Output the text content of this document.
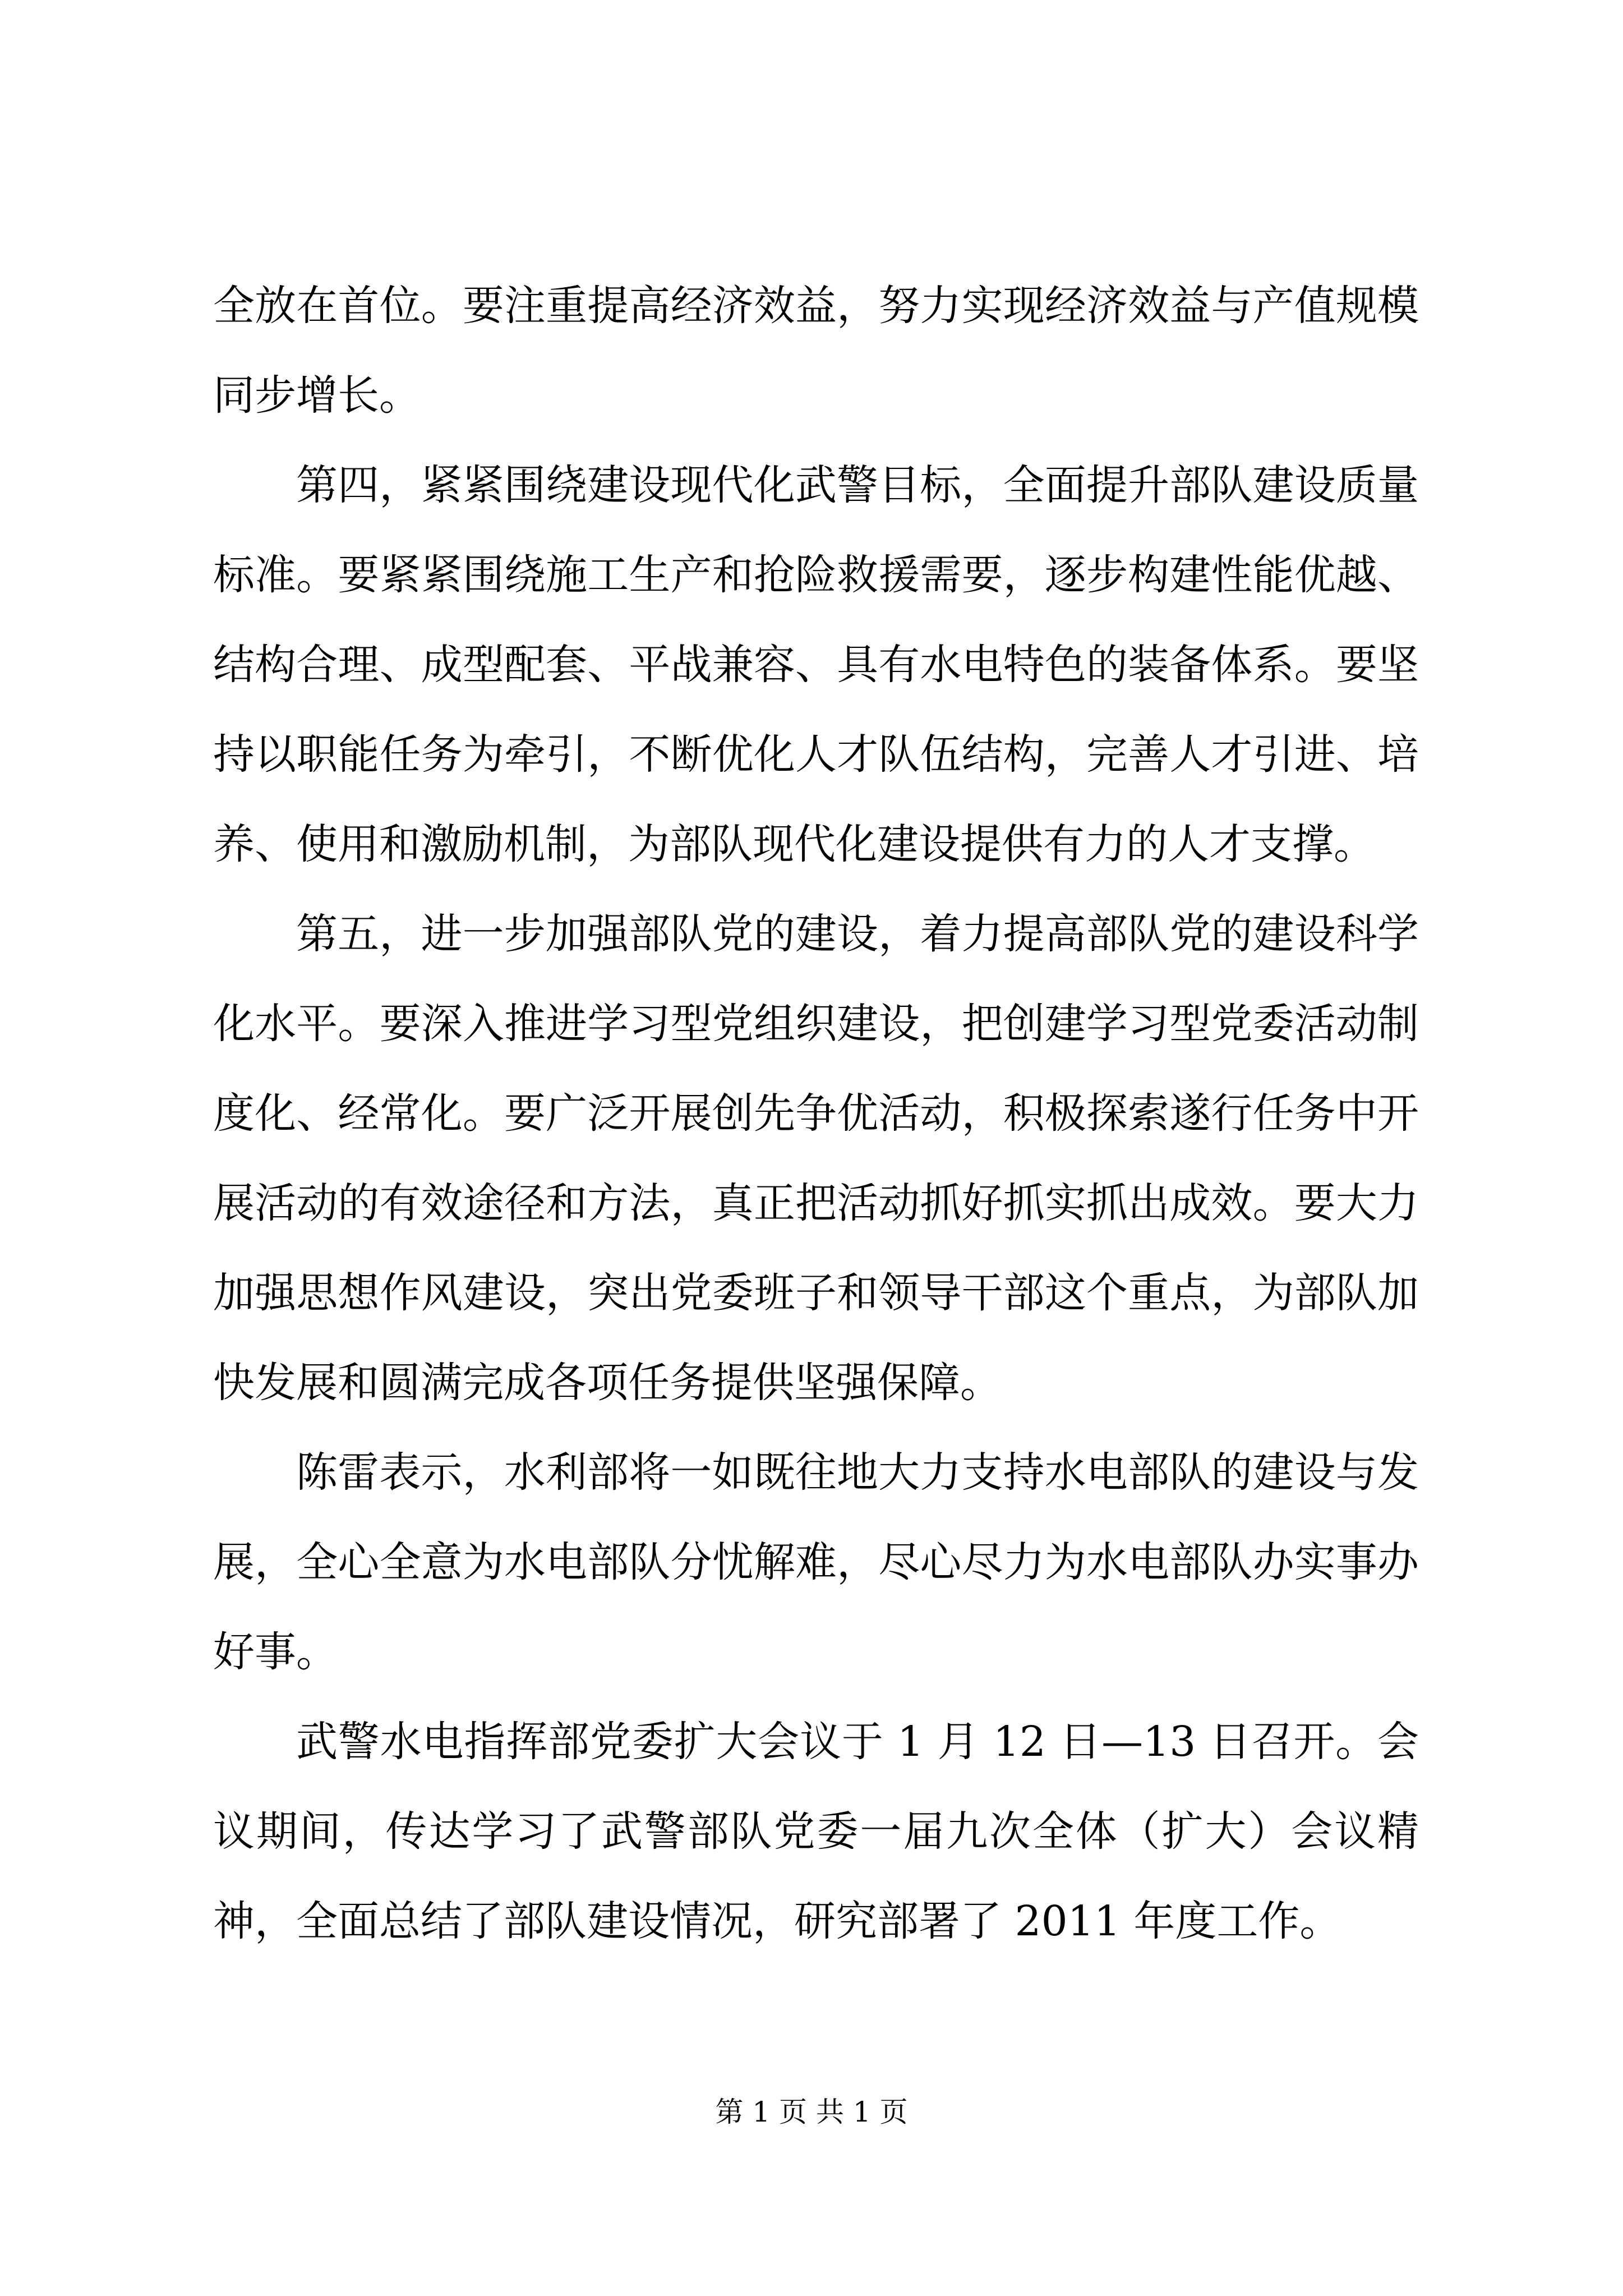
全放在首位。要注重提高经济效益，努力实现经济效益与产值规模同步增长。

第四，紧紧围绕建设现代化武警目标，全面提升部队建设质量标准。要紧紧围绕施工生产和抢险救援需要，逐步构建性能优越、结构合理、成型配套、平战兼容、具有水电特色的装备体系。要坚持以职能任务为牵引，不断优化人才队伍结构，完善人才引进、培养、使用和激励机制，为部队现代化建设提供有力的人才支撑。

第五，进一步加强部队党的建设，着力提高部队党的建设科学化水平。要深入推进学习型党组织建设，把创建学习型党委活动制度化、经常化。要广泛开展创先争优活动，积极探索遂行任务中开展活动的有效途径和方法，真正把活动抓好抓实抓出成效。要大力加强思想作风建设，突出党委班子和领导干部这个重点，为部队加快发展和圆满完成各项任务提供坚强保障。

陈雷表示，水利部将一如既往地大力支持水电部队的建设与发展，全心全意为水电部队分忧解难，尽心尽力为水电部队办实事办好事。

武警水电指挥部党委扩大会议于 1 月 12 日—13 日召开。会议期间，传达学习了武警部队党委一届九次全体（扩大）会议精神，全面总结了部队建设情况，研究部署了 2011 年度工作。

第 1 页 共 1 页
